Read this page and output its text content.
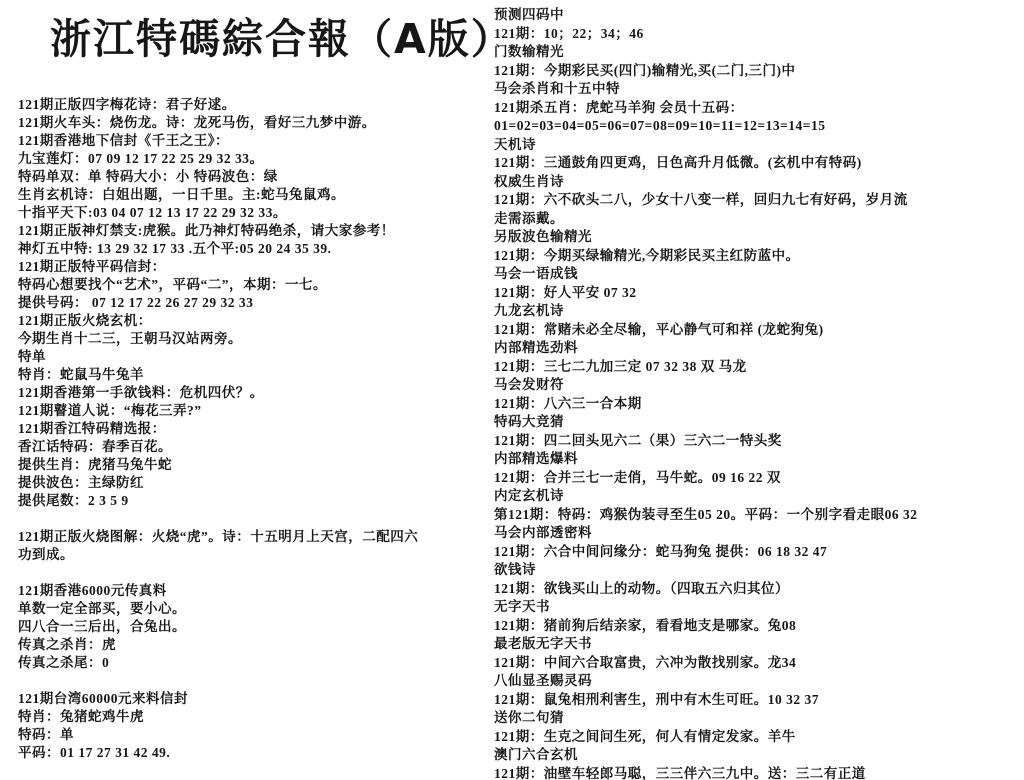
浙江特碼綜合報（A版）
121期正版四字梅花诗：君子好逑。
121期火车头：烧伤龙。诗：龙死马伤，看好三九梦中游。
121期香港地下信封《千王之王》：
九宝莲灯：07 09 12 17 22 25 29 32 33。
特码单双：单 特码大小：小 特码波色：绿
生肖玄机诗：白姐出题，一日千里。主:蛇马兔鼠鸡。
十指平天下:03 04 07 12 13 17 22 29 32 33。
121期正版神灯禁支:虎猴。此乃神灯特码绝杀，请大家参考！
神灯五中特: 13 29 32 17 33 .五个平:05 20 24 35 39.
121期正版特平码信封：
特码心想要找个“艺术”，平码“二”，本期：一七。
提供号码： 07 12 17 22 26 27 29 32 33
121期正版火烧玄机：
今期生肖十二三，王朝马汉站两旁。
特单
特肖：蛇鼠马牛兔羊
121期香港第一手欲钱料：危机四伏？。
121期瞽道人说：“梅花三弄?”
121期香江特码精选报：
香江话特码：春季百花。
提供生肖：虎猪马兔牛蛇
提供波色：主绿防红
提供尾数：2 3 5 9
121期正版火烧图解：火烧“虎”。诗：十五明月上天宫，二配四六
功到成。
121期香港6000元传真料
单数一定全部买，要小心。
四八合一三后出，合兔出。
传真之杀肖：虎
传真之杀尾：0
121期台湾60000元来料信封
特肖：兔猪蛇鸡牛虎
特码：单
平码：01 17 27 31 42 49.
预测四码中
121期：10；22；34；46
门数输精光
121期：今期彩民买(四门)输精光,买(二门,三门)中
马会杀肖和十五中特
121期杀五肖：虎蛇马羊狗 会员十五码：
01=02=03=04=05=06=07=08=09=10=11=12=13=14=15
天机诗
121期：三通鼓角四更鸡，日色高升月低微。(玄机中有特码)
权威生肖诗
121期：六不砍头二八，少女十八变一样，回归九七有好码，岁月流
走需添戴。
另版波色输精光
121期：今期买绿输精光,今期彩民买主红防蓝中。
马会一语成钱
121期：好人平安 07 32
九龙玄机诗
121期：常赌未必全尽输，平心静气可和祥 (龙蛇狗兔)
内部精选劲料
121期：三七二九加三定 07 32 38 双 马龙
马会发财符
121期：八六三一合本期
特码大竞猜
121期：四二回头见六二（果）三六二一特头奖
内部精选爆料
121期：合并三七一走俏，马牛蛇。09 16 22 双
内定玄机诗
第121期：特码：鸡猴伪装寻至生05 20。平码：一个别字看走眼06 32
马会内部透密料
121期：六合中间问缘分：蛇马狗兔 提供：06 18 32 47
欲钱诗
121期：欲钱买山上的动物。（四取五六归其位）
无字天书
121期：猪前狗后结亲家，看看地支是哪家。兔08
最老版无字天书
121期：中间六合取富贵，六冲为散找别家。龙34
八仙显圣赐灵码
121期：鼠兔相刑利害生，刑中有木生可旺。10 32 37
送你二句猜
121期：生克之间问生死，何人有情定发家。羊牛
澳门六合玄机
121期：油壁车轻郎马聪，三三伴六三九中。送：三二有正道
